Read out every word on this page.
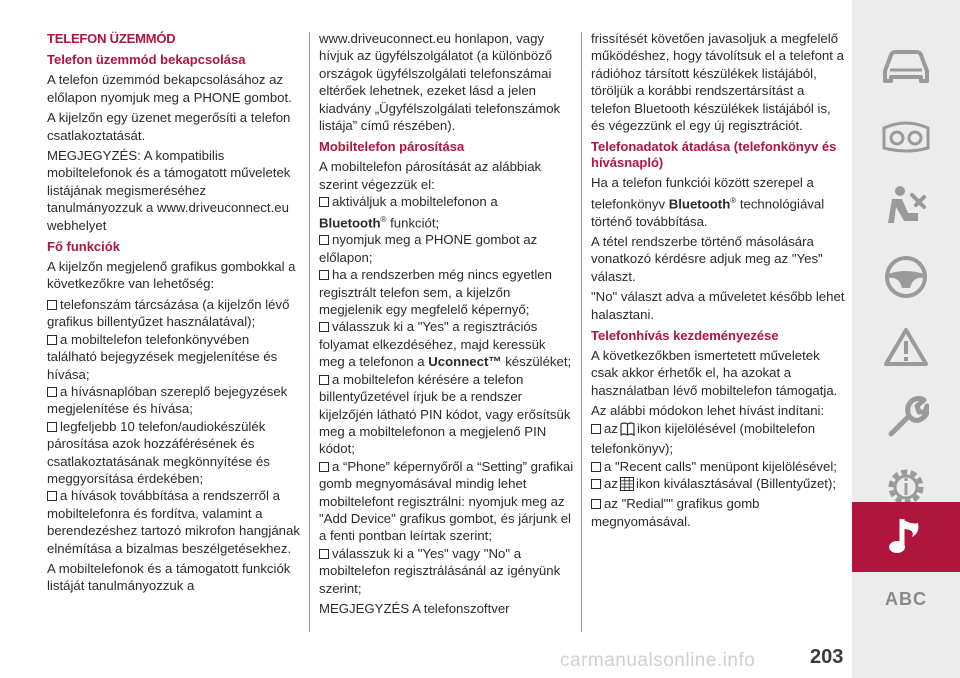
TELEFON ÜZEMMÓD
Telefon üzemmód bekapcsolása

A telefon üzemmód bekapcsolásához az előlapon nyomjuk meg a PHONE gombot.

A kijelzőn egy üzenet megerősíti a telefon csatlakoztatását.

MEGJEGYZÉS: A kompatibilis mobiltelefonok és a támogatott műveletek listájának megismeréséhez tanulmányozzuk a www.driveuconnect.eu webhelyet

Fő funkciók

A kijelzőn megjelenő grafikus gombokkal a következőkre van lehetőség:

telefonszám tárcsázása (a kijelzőn lévő grafikus billentyűzet használatával);
a mobiltelefon telefonkönyvében található bejegyzések megjelenítése és hívása;
a hívásnaplóban szereplő bejegyzések megjelenítése és hívása;
legfeljebb 10 telefon/audiokészülék párosítása azok hozzáférésének és csatlakoztatásának megkönnyítése és meggyorsítása érdekében;
a hívások továbbítása a rendszerről a mobiltelefonra és fordítva, valamint a berendezéshez tartozó mikrofon hangjának elnémítása a bizalmas beszélgetésekhez.

A mobiltelefonok és a támogatott funkciók listáját tanulmányozzuk a

www.driveuconnect.eu honlapon, vagy hívjuk az ügyfélszolgálatot (a különböző országok ügyfélszolgálati telefonszámai eltérőek lehetnek, ezeket lásd a jelen kiadvány „Ügyfélszolgálati telefonszámok listája” című részében).

Mobiltelefon párosítása

A mobiltelefon párosítását az alábbiak szerint végezzük el:

aktiváljuk a mobiltelefonon a
Bluetooth® funkciót;
nyomjuk meg a PHONE gombot az előlapon;
ha a rendszerben még nincs egyetlen regisztrált telefon sem, a kijelzőn megjelenik egy megfelelő képernyő;
válasszuk ki a "Yes" a regisztrációs folyamat elkezdéséhez, majd keressük meg a telefonon a Uconnect™ készüléket;
a mobiltelefon kérésére a telefon billentyűzetével írjuk be a rendszer kijelzőjén látható PIN kódot, vagy erősítsük meg a mobiltelefonon a megjelenő PIN kódot;
a “Phone” képernyőről a “Setting” grafikai gomb megnyomásával mindig lehet mobiltelefont regisztrálni: nyomjuk meg az "Add Device" grafikus gombot, és járjunk el a fenti pontban leírtak szerint;
válasszuk ki a "Yes" vagy "No" a mobiltelefon regisztrálásánál az igényünk szerint;

MEGJEGYZÉS A telefonszoftver

frissítését követően javasoljuk a megfelelő működéshez, hogy távolítsuk el a telefont a rádióhoz társított készülékek listájából, töröljük a korábbi rendszertársítást a telefon Bluetooth készülékek listájából is, és végezzünk el egy új regisztrációt.

Telefonadatok átadása (telefonkönyv és hívásnapló)

Ha a telefon funkciói között szerepel a telefonkönyv Bluetooth® technológiával történő továbbítása.

A tétel rendszerbe történő másolására vonatkozó kérdésre adjuk meg az "Yes" választ.

"No" választ adva a műveletet később lehet halasztani.

Telefonhívás kezdeményezése

A következőkben ismertetett műveletek csak akkor érhetők el, ha azokat a használatban lévő mobiltelefon támogatja.

Az alábbi módokon lehet hívást indítani:

az ikon kijelölésével (mobiltelefon telefonkönyv);
a "Recent calls" menüpont kijelölésével;
az ikon kiválasztásával (Billentyűzet);
az "Redial"" grafikus gomb megnyomásával.
ABC
carmanualsonline.info	203
